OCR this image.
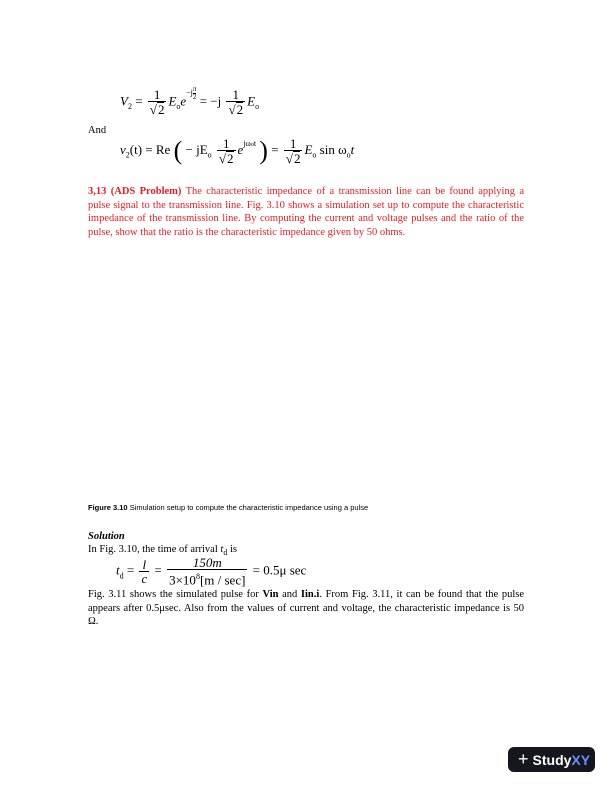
$V_2 = \frac{1}{√2} E_oe^{-j \frac{\pi}{2}} = -j \frac{1}{√2} E_o$
And
$v_2(t) = Re$ ( − $jE_o \frac{1}{√2} e^{j\omega ot}$ ) = $\frac{1}{√2} E_o$ $\sin \omega_ot$
3,13 (ADS Problem) The characteristic impedance of a transmission line can be found applying a pulse signal to the transmission line. Fig. 3.10 shows a simulation set up to compute the characteristic impedance of the transmission line. By computing the current and voltage pulses and the ratio of the pulse, show that the ratio is the characteristic impedance given by 50 ohms.
Figure 3.10 Simulation setup to compute the characteristic impedance using a pulse
Solution
In Fig. 3.10, the time of arrival $t_d$ is
$t_d = \frac{l}{c} = \frac{150m}{3\times 10^8[m / \sec]} = 0.5\mu$ sec
Fig. 3.11 shows the simulated pulse for Vin and Iin.i. From Fig. 3.11, it can be found that the pulse appears after 0.5μsec. Also from the values of current and voltage, the characteristic impedance is 50 Ω.
+ Study XY
